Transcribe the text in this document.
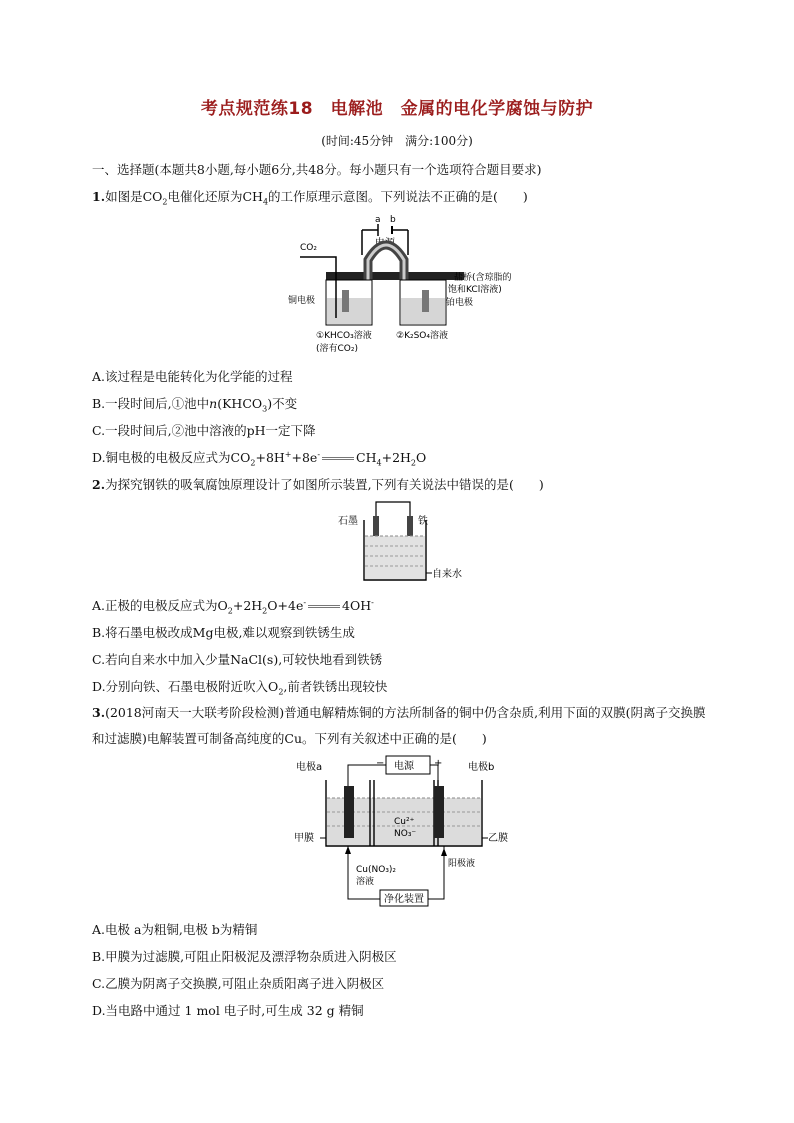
考点规范练18　电解池　金属的电化学腐蚀与防护
(时间:45分钟　满分:100分)
一、选择题(本题共8小题,每小题6分,共48分。每小题只有一个选项符合题目要求)
1.如图是$CO_2$电催化还原为$CH_4$的工作原理示意图。下列说法不正确的是(　　)
a b
电源
CO₂
盐桥(含琼脂的
饱和KCl溶液)
铂电极
铜电极
①KHCO₃溶液
(溶有CO₂)
②K₂SO₄溶液
A.该过程是电能转化为化学能的过程
B.一段时间后,①池中$n(KHCO_3)$不变
C.一段时间后,②池中溶液的pH一定下降
D.铜电极的电极反应式为$CO_2+8H^++8e^-$	$CH_4+2H_2O$
2.为探究钢铁的吸氧腐蚀原理设计了如图所示装置,下列有关说法中错误的是(　　)
石墨	铁
自来水
A.正极的电极反应式为$O_2+2H_2O+4e^-$	4OH-
B.将石墨电极改成Mg电极,难以观察到铁锈生成
C.若向自来水中加入少量NaCl(s),可较快地看到铁锈
D.分别向铁、石墨电极附近吹入$O_2$,前者铁锈出现较快
3.(2018河南天一大联考阶段检测)普通电解精炼铜的方法所制备的铜中仍含杂质,利用下面的双膜(阴离子交换膜和过滤膜)电解装置可制备高纯度的Cu。下列有关叙述中正确的是(　　)
电极a	电极b
电源
−	+
Cu²⁺
NO₃⁻
甲膜	乙膜
净化装置
Cu(NO₃)₂
溶液
阳极液
A.电极 a为粗铜,电极 b为精铜
B.甲膜为过滤膜,可阻止阳极泥及漂浮物杂质进入阴极区
C.乙膜为阴离子交换膜,可阻止杂质阳离子进入阴极区
D.当电路中通过 1 mol 电子时,可生成 32 g 精铜
